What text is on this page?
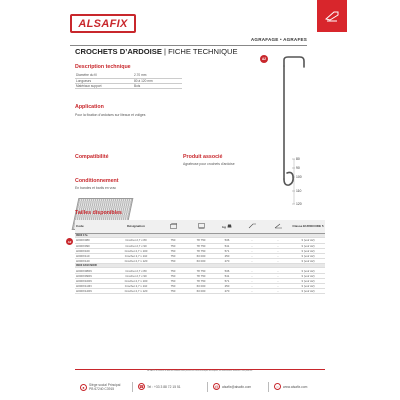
ALSAFIX
AGRAFAGE • AGRAFES
CROCHETS D’ARDOISE | FICHE TECHNIQUE
Description technique
Diamètre du fil	2.70 mm
Longueurs	80 à 120 mm
Matériaux support	Bois
Application
Pour la fixation d’ardoises sur liteaux et voliges
Compatibilité	Produit associé
Agrafeuse pour crochets d’ardoise
Conditionnement
En bandes et barils en vrac
A2
80
90
100
110
120
Tailles disponibles
Code	Désignation			kg			Classe EUROCODE 5
INOX 17a							
H000X080	Crochet 2,7 x 80	750	78 750	536	-	-	3 (voir A2)
H000X090	Crochet 2,7 x 90	750	78 750	541	-	-	3 (voir A2)
H000X100	Crochet 2,7 x 100	750	78 750	571	-	-	3 (voir A2)
H000X110	Crochet 2,7 x 110	750	63 000	250	-	-	3 (voir A2)
H000X120	Crochet 2,7 x 120	750	63 000	270	-	-	3 (voir A2)
INOX 18/10 NOIR							
H000X080N	Crochet 2,7 x 80	750	78 750	536	-	-	3 (voir A2)
H000X090N	Crochet 2,7 x 90	750	78 750	541	-	-	3 (voir A2)
H000X100N	Crochet 2,7 x 100	750	78 750	571	-	-	3 (voir A2)
H000X110N	Crochet 2,7 x 110	750	63 000	250	-	-	3 (voir A2)
H000X120N	Crochet 2,7 x 120	750	63 000	270	-	-	3 (voir A2)
A2
ALSAFIX se réserve le droit de modifier sans préavis les caractéristiques techniques, les informations relatives à ses produits.
●	Siège social Principal
PB 67240 C3915	☎ Tel : +33 3 88 72 15 51	@	alsafix@alsafix.com	○	www.alsafix.com
